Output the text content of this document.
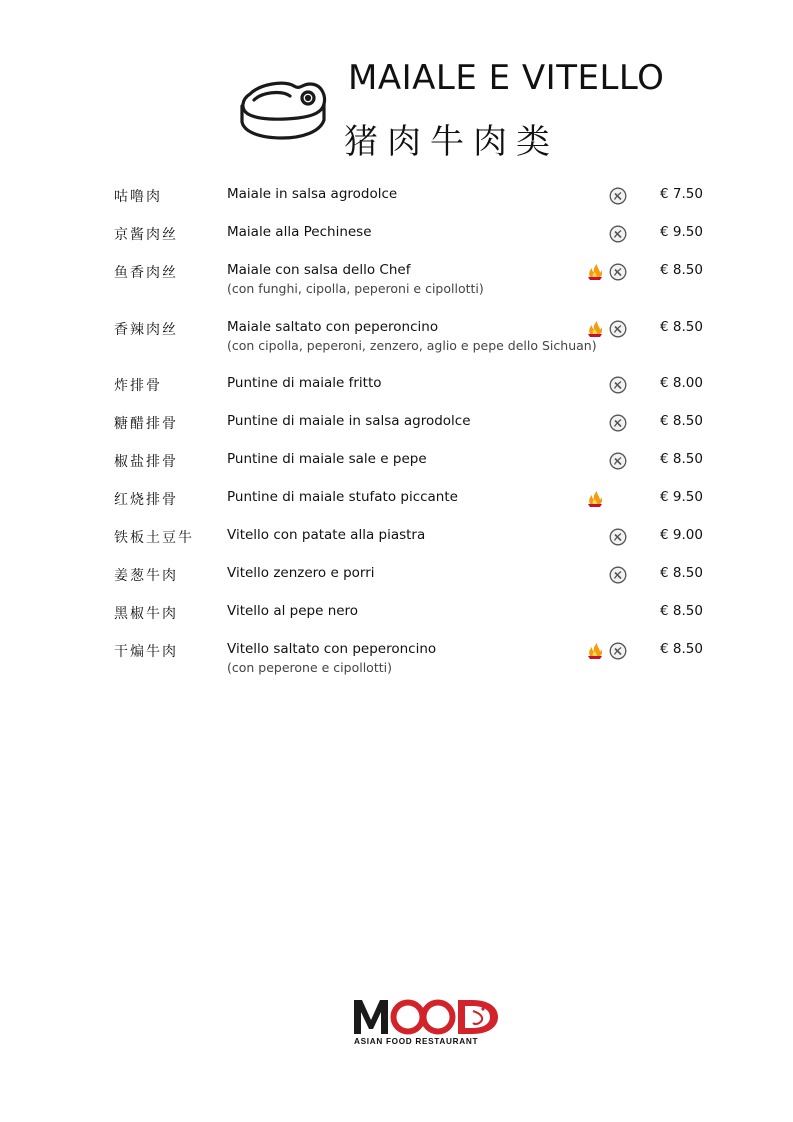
MAIALE E VITELLO
猪肉牛肉类
咕噜肉	Maiale in salsa agrodolce	€ 7.50
京酱肉丝	Maiale alla Pechinese	€ 9.50
鱼香肉丝	Maiale con salsa dello Chef
(con funghi, cipolla, peperoni e cipollotti)
€ 8.50
香辣肉丝	Maiale saltato con peperoncino
(con cipolla, peperoni, zenzero, aglio e pepe dello Sichuan)
€ 8.50
炸排骨	Puntine di maiale fritto	€ 8.00
糖醋排骨	Puntine di maiale in salsa agrodolce	€ 8.50
椒盐排骨	Puntine di maiale sale e pepe	€ 8.50
红烧排骨	Puntine di maiale stufato piccante	€ 9.50
铁板土豆牛 Vitello con patate alla piastra	€ 9.00
姜葱牛肉	Vitello zenzero e porri	€ 8.50
黑椒牛肉	Vitello al pepe nero	€ 8.50
干煸牛肉	Vitello saltato con peperoncino
(con peperone e cipollotti)
€ 8.50
ASIAN FOOD RESTAURANT
